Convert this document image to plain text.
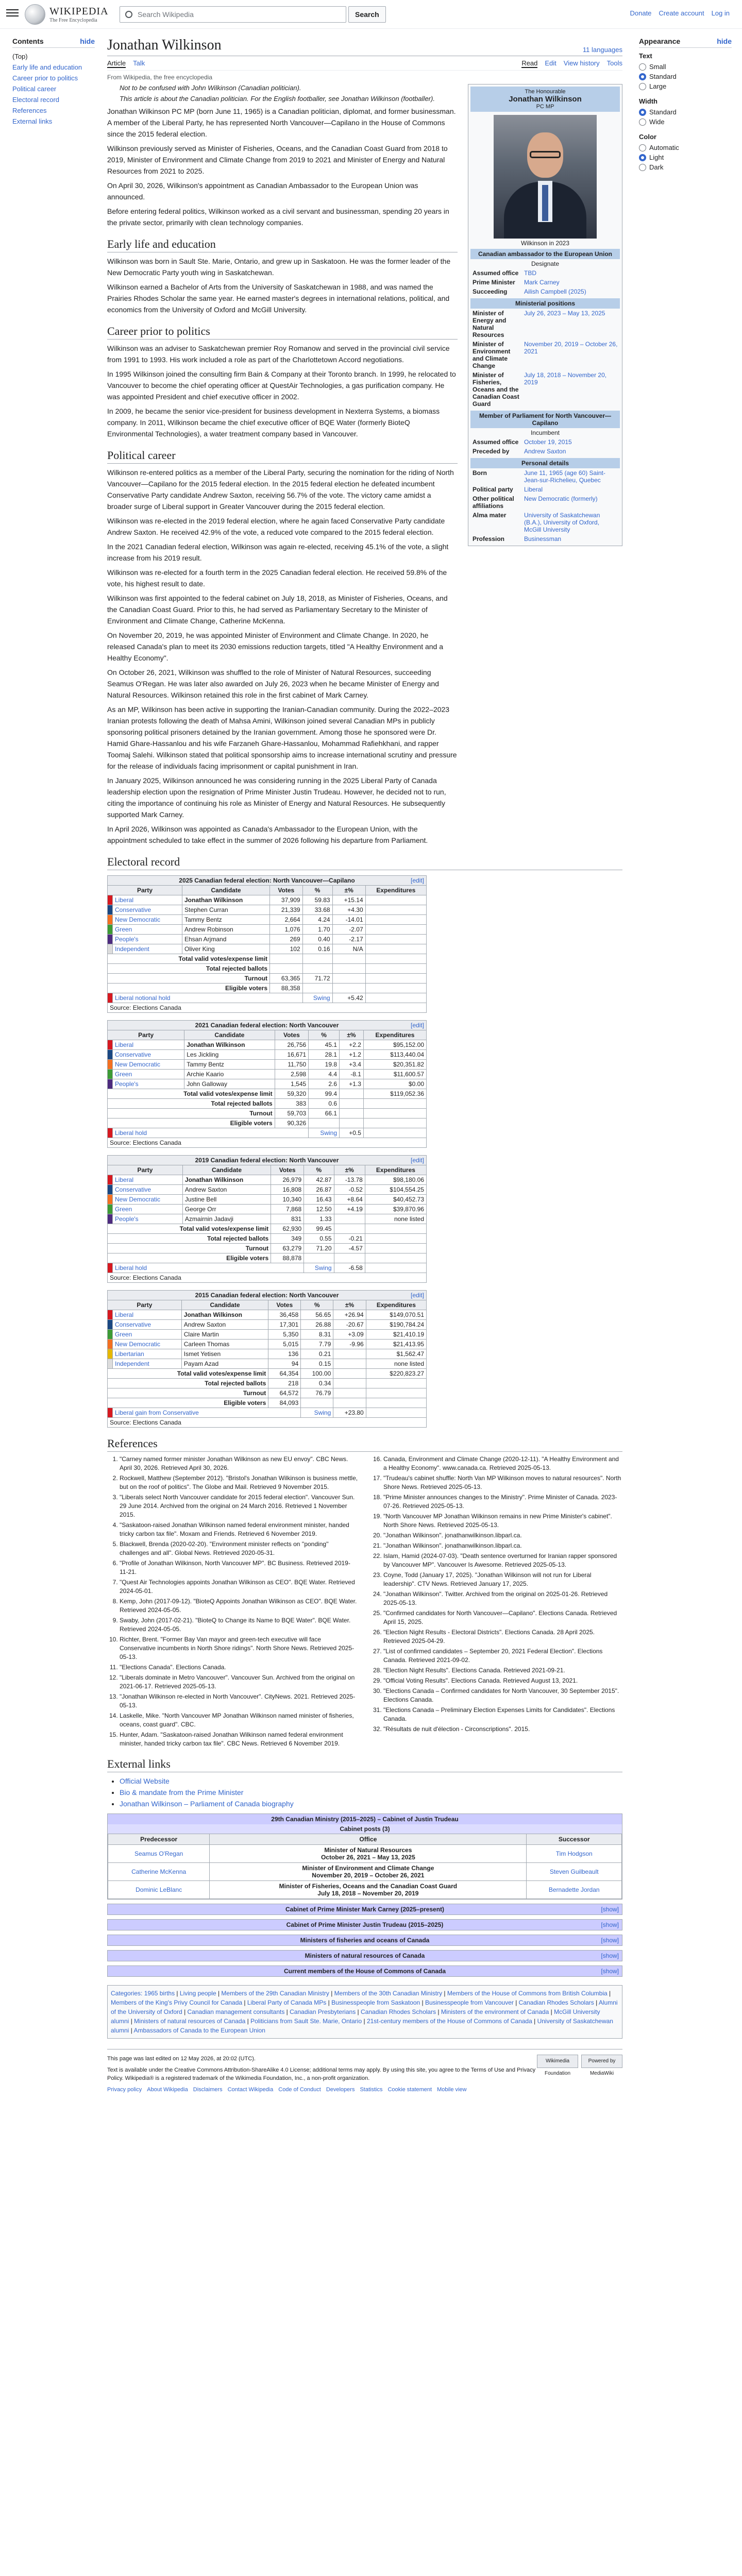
WIKIPEDIA
The Free Encyclopedia
Search Wikipedia	Search	Donate Create account Log in
Contents	hide
(Top)
Early life and education
Career prior to politics
Political career
Electoral record
References
External links
Appearance	hide
Text
Small
Standard
Large
Width
Standard
Wide
Color
Automatic
Light
Dark
Jonathan Wilkinson	11 languages
Article Talk	Read Edit View history Tools
From Wikipedia, the free encyclopedia
The Honourable
Jonathan Wilkinson
PC MP
Wilkinson in 2023
Canadian ambassador to the European Union
Designate
Assumed office TBD
Prime Minister	Mark Carney
Succeeding	Ailish Campbell (2025)
Ministerial positions
Minister of Energy and Natural Resources
July 26, 2023 – May 13, 2025
Minister of Environment and Climate Change
November 20, 2019 – October 26, 2021
Minister of Fisheries, Oceans and the Canadian Coast Guard
July 18, 2018 – November 20, 2019
Member of Parliament for North Vancouver—Capilano
Incumbent
Assumed office October 19, 2015
Preceded by	Andrew Saxton
Personal details
Born	June 11, 1965 (age 60) Saint-Jean-sur-Richelieu, Quebec
Political party	Liberal
Other political affiliations
New Democratic (formerly)
Alma mater	University of Saskatchewan (B.A.), University of Oxford, McGill University
Profession	Businessman
Not to be confused with John Wilkinson (Canadian politician).
This article is about the Canadian politician. For the English footballer, see Jonathan Wilkinson (footballer).

Jonathan Wilkinson PC MP (born June 11, 1965) is a Canadian politician, diplomat, and former businessman. A member of the Liberal Party, he has represented North Vancouver—Capilano in the House of Commons since the 2015 federal election.

Wilkinson previously served as Minister of Fisheries, Oceans, and the Canadian Coast Guard from 2018 to 2019, Minister of Environment and Climate Change from 2019 to 2021 and Minister of Energy and Natural Resources from 2021 to 2025.

On April 30, 2026, Wilkinson's appointment as Canadian Ambassador to the European Union was announced.

Before entering federal politics, Wilkinson worked as a civil servant and businessman, spending 20 years in the private sector, primarily with clean technology companies.

Early life and education

Wilkinson was born in Sault Ste. Marie, Ontario, and grew up in Saskatoon. He was the former leader of the New Democratic Party youth wing in Saskatchewan.

Wilkinson earned a Bachelor of Arts from the University of Saskatchewan in 1988, and was named the Prairies Rhodes Scholar the same year. He earned master's degrees in international relations, political, and economics from the University of Oxford and McGill University.

Career prior to politics

Wilkinson was an adviser to Saskatchewan premier Roy Romanow and served in the provincial civil service from 1991 to 1993. His work included a role as part of the Charlottetown Accord negotiations.

In 1995 Wilkinson joined the consulting firm Bain & Company at their Toronto branch. In 1999, he relocated to Vancouver to become the chief operating officer at QuestAir Technologies, a gas purification company. He was appointed President and chief executive officer in 2002.

In 2009, he became the senior vice-president for business development in Nexterra Systems, a biomass company. In 2011, Wilkinson became the chief executive officer of BQE Water (formerly BioteQ Environmental Technologies), a water treatment company based in Vancouver.

Political career

Wilkinson re-entered politics as a member of the Liberal Party, securing the nomination for the riding of North Vancouver—Capilano for the 2015 federal election. In the 2015 federal election he defeated incumbent Conservative Party candidate Andrew Saxton, receiving 56.7% of the vote. The victory came amidst a broader surge of Liberal support in Greater Vancouver during the 2015 federal election.

Wilkinson was re-elected in the 2019 federal election, where he again faced Conservative Party candidate Andrew Saxton. He received 42.9% of the vote, a reduced vote compared to the 2015 federal election.

In the 2021 Canadian federal election, Wilkinson was again re-elected, receiving 45.1% of the vote, a slight increase from his 2019 result.

Wilkinson was re-elected for a fourth term in the 2025 Canadian federal election. He received 59.8% of the vote, his highest result to date.

Wilkinson was first appointed to the federal cabinet on July 18, 2018, as Minister of Fisheries, Oceans, and the Canadian Coast Guard. Prior to this, he had served as Parliamentary Secretary to the Minister of Environment and Climate Change, Catherine McKenna.

On November 20, 2019, he was appointed Minister of Environment and Climate Change. In 2020, he released Canada's plan to meet its 2030 emissions reduction targets, titled "A Healthy Environment and a Healthy Economy".

On October 26, 2021, Wilkinson was shuffled to the role of Minister of Natural Resources, succeeding Seamus O'Regan. He was later also awarded on July 26, 2023 when he became Minister of Energy and Natural Resources. Wilkinson retained this role in the first cabinet of Mark Carney.

As an MP, Wilkinson has been active in supporting the Iranian-Canadian community. During the 2022–2023 Iranian protests following the death of Mahsa Amini, Wilkinson joined several Canadian MPs in publicly sponsoring political prisoners detained by the Iranian government. Among those he sponsored were Dr. Hamid Ghare-Hassanlou and his wife Farzaneh Ghare-Hassanlou, Mohammad Rafiehkhani, and rapper Toomaj Salehi. Wilkinson stated that political sponsorship aims to increase international scrutiny and pressure for the release of individuals facing imprisonment or capital punishment in Iran.

In January 2025, Wilkinson announced he was considering running in the 2025 Liberal Party of Canada leadership election upon the resignation of Prime Minister Justin Trudeau. However, he decided not to run, citing the importance of continuing his role as Minister of Energy and Natural Resources. He subsequently supported Mark Carney.

In April 2026, Wilkinson was appointed as Canada's Ambassador to the European Union, with the appointment scheduled to take effect in the summer of 2026 following his departure from Parliament.

Electoral record
2025 Canadian federal election: North Vancouver—Capilano [edit]						

Party		Candidate	Votes	%	±%	Expenditures
	Liberal	Jonathan Wilkinson	37,909	59.83	+15.14	
	Conservative	Stephen Curran	21,339	33.68	+4.30	
	New Democratic	Tammy Bentz	2,664	4.24	-14.01	
	Green	Andrew Robinson	1,076	1.70	-2.07	
	People's	Ehsan Arjmand	269	0.40	-2.17	
	Independent	Oliver King	102	0.16	N/A	
Total valid votes/expense limit						
Total rejected ballots						
Turnout			63,365	71.72		
Eligible voters			88,358			
	Liberal notional hold			Swing	+5.42	
Source: Elections Canada						
2021 Canadian federal election: North Vancouver [edit]						

Party		Candidate	Votes	%	±%	Expenditures
	Liberal	Jonathan Wilkinson	26,756	45.1	+2.2	$95,152.00
	Conservative	Les Jickling	16,671	28.1	+1.2	$113,440.04
	New Democratic	Tammy Bentz	11,750	19.8	+3.4	$20,351.82
	Green	Archie Kaario	2,598	4.4	-8.1	$11,600.57
	People's	John Galloway	1,545	2.6	+1.3	$0.00
Total valid votes/expense limit			59,320	99.4		$119,052.36
Total rejected ballots			383	0.6		
Turnout			59,703	66.1		
Eligible voters			90,326			
	Liberal hold			Swing	+0.5	
Source: Elections Canada						
2019 Canadian federal election: North Vancouver [edit]						

Party		Candidate	Votes	%	±%	Expenditures
	Liberal	Jonathan Wilkinson	26,979	42.87	-13.78	$98,180.06
	Conservative	Andrew Saxton	16,808	26.87	-0.52	$104,554.25
	New Democratic	Justine Bell	10,340	16.43	+8.64	$40,452.73
	Green	George Orr	7,868	12.50	+4.19	$39,870.96
	People's	Azmairnin Jadavji	831	1.33		none listed
Total valid votes/expense limit			62,930	99.45		
Total rejected ballots			349	0.55	-0.21	
Turnout			63,279	71.20	-4.57	
Eligible voters			88,878			
	Liberal hold			Swing	-6.58	
Source: Elections Canada						
2015 Canadian federal election: North Vancouver [edit]						

Party		Candidate	Votes	%	±%	Expenditures
	Liberal	Jonathan Wilkinson	36,458	56.65	+26.94	$149,070.51
	Conservative	Andrew Saxton	17,301	26.88	-20.67	$190,784.24
	Green	Claire Martin	5,350	8.31	+3.09	$21,410.19
	New Democratic	Carleen Thomas	5,015	7.79	-9.96	$21,413.95
	Libertarian	Ismet Yetisen	136	0.21		$1,562.47
	Independent	Payam Azad	94	0.15		none listed
Total valid votes/expense limit			64,354	100.00		$220,823.27
Total rejected ballots			218	0.34		
Turnout			64,572	76.79		
Eligible voters			84,093			
	Liberal gain from Conservative			Swing	+23.80	
Source: Elections Canada						
References
1. "Carney named former minister Jonathan Wilkinson as new EU envoy". CBC News. April 30, 2026. Retrieved April 30, 2026.
2. Rockwell, Matthew (September 2012). "Bristol's Jonathan Wilkinson is business mettle, but on the roof of politics". The Globe and Mail. Retrieved 9 November 2015.
3. "Liberals select North Vancouver candidate for 2015 federal election". Vancouver Sun. 29 June 2014. Archived from the original on 24 March 2016. Retrieved 1 November 2015.
4. "Saskatoon-raised Jonathan Wilkinson named federal environment minister, handed tricky carbon tax file". Moxam and Friends. Retrieved 6 November 2019.
5. Blackwell, Brenda (2020-02-20). "Environment minister reflects on ''ponding'' challenges and all". Global News. Retrieved 2020-05-31.
6. "Profile of Jonathan Wilkinson, North Vancouver MP". BC Business. Retrieved 2019-11-21.
7. "Quest Air Technologies appoints Jonathan Wilkinson as CEO". BQE Water. Retrieved 2024-05-01.
8. Kemp, John (2017-09-12). "BioteQ Appoints Jonathan Wilkinson as CEO". BQE Water. Retrieved 2024-05-05.
9. Swaby, John (2017-02-21). "BioteQ to Change its Name to BQE Water". BQE Water. Retrieved 2024-05-05.
10. Richter, Brent. "Former Bay Van mayor and green-tech executive will face Conservative incumbents in North Shore ridings". North Shore News. Retrieved 2025-05-13.
11. "Elections Canada". Elections Canada.
12. "Liberals dominate in Metro Vancouver". Vancouver Sun. Archived from the original on 2021-06-17. Retrieved 2025-05-13.
13. "Jonathan Wilkinson re-elected in North Vancouver". CityNews. 2021. Retrieved 2025-05-13.
14. Laskelle, Mike. "North Vancouver MP Jonathan Wilkinson named minister of fisheries, oceans, coast guard". CBC.
15. Hunter, Adam. "Saskatoon-raised Jonathan Wilkinson named federal environment minister, handed tricky carbon tax file". CBC News. Retrieved 6 November 2019.
16. Canada, Environment and Climate Change (2020-12-11). "A Healthy Environment and a Healthy Economy". www.canada.ca. Retrieved 2025-05-13.
17. "Trudeau's cabinet shuffle: North Van MP Wilkinson moves to natural resources". North Shore News. Retrieved 2025-05-13.
18. "Prime Minister announces changes to the Ministry". Prime Minister of Canada. 2023-07-26. Retrieved 2025-05-13.
19. "North Vancouver MP Jonathan Wilkinson remains in new Prime Minister's cabinet". North Shore News. Retrieved 2025-05-13.
20. "Jonathan Wilkinson". jonathanwilkinson.libparl.ca.
21. "Jonathan Wilkinson". jonathanwilkinson.libparl.ca.
22. Islam, Hamid (2024-07-03). "Death sentence overturned for Iranian rapper sponsored by Vancouver MP". Vancouver Is Awesome. Retrieved 2025-05-13.
23. Coyne, Todd (January 17, 2025). "Jonathan Wilkinson will not run for Liberal leadership". CTV News. Retrieved January 17, 2025.
24. "Jonathan Wilkinson". Twitter. Archived from the original on 2025-01-26. Retrieved 2025-05-13.
25. "Confirmed candidates for North Vancouver—Capilano". Elections Canada. Retrieved April 15, 2025.
26. "Election Night Results - Electoral Districts". Elections Canada. 28 April 2025. Retrieved 2025-04-29.
27. "List of confirmed candidates – September 20, 2021 Federal Election". Elections Canada. Retrieved 2021-09-02.
28. "Election Night Results". Elections Canada. Retrieved 2021-09-21.
29. "Official Voting Results". Elections Canada. Retrieved August 13, 2021.
30. "Elections Canada – Confirmed candidates for North Vancouver, 30 September 2015". Elections Canada.
31. "Elections Canada – Preliminary Election Expenses Limits for Candidates". Elections Canada.
32. "Résultats de nuit d'élection - Circonscriptions". 2015.
External links
• Official Website
• Bio & mandate from the Prime Minister
• Jonathan Wilkinson – Parliament of Canada biography
29th Canadian Ministry (2015–2025) – Cabinet of Justin Trudeau
Cabinet posts (3)
Predecessor	Office	Successor
Seamus O'Regan	Minister of Natural Resources
October 26, 2021 – May 13, 2025	Tim Hodgson
Catherine McKenna	Minister of Environment and Climate Change
November 20, 2019 – October 26, 2021	Steven Guilbeault
Dominic LeBlanc	Minister of Fisheries, Oceans and the Canadian Coast Guard
July 18, 2018 – November 20, 2019	Bernadette Jordan
Cabinet of Prime Minister Mark Carney (2025–present)	[show]
Cabinet of Prime Minister Justin Trudeau (2015–2025)	[show]
Ministers of fisheries and oceans of Canada	[show]
Ministers of natural resources of Canada	[show]
Current members of the House of Commons of Canada	[show]
Categories: 1965 births | Living people | Members of the 29th Canadian Ministry | Members of the 30th Canadian Ministry | Members of the House of Commons from British Columbia | Members of the King's Privy Council for Canada | Liberal Party of Canada MPs | Businesspeople from Saskatoon | Businesspeople from Vancouver | Canadian Rhodes Scholars | Alumni of the University of Oxford | Canadian management consultants | Canadian Presbyterians | Canadian Rhodes Scholars | Ministers of the environment of Canada | McGill University alumni | Ministers of natural resources of Canada | Politicians from Sault Ste. Marie, Ontario | 21st-century members of the House of Commons of Canada | University of Saskatchewan alumni | Ambassadors of Canada to the European Union
Wikimedia Foundation
Powered by MediaWiki
This page was last edited on 12 May 2026, at 20:02 (UTC).
Text is available under the Creative Commons Attribution-ShareAlike 4.0 License; additional terms may apply. By using this site, you agree to the Terms of Use and Privacy Policy. Wikipedia® is a registered trademark of the Wikimedia Foundation, Inc., a non-profit organization.
Privacy policy About Wikipedia Disclaimers Contact Wikipedia Code of Conduct Developers Statistics Cookie statement Mobile view
